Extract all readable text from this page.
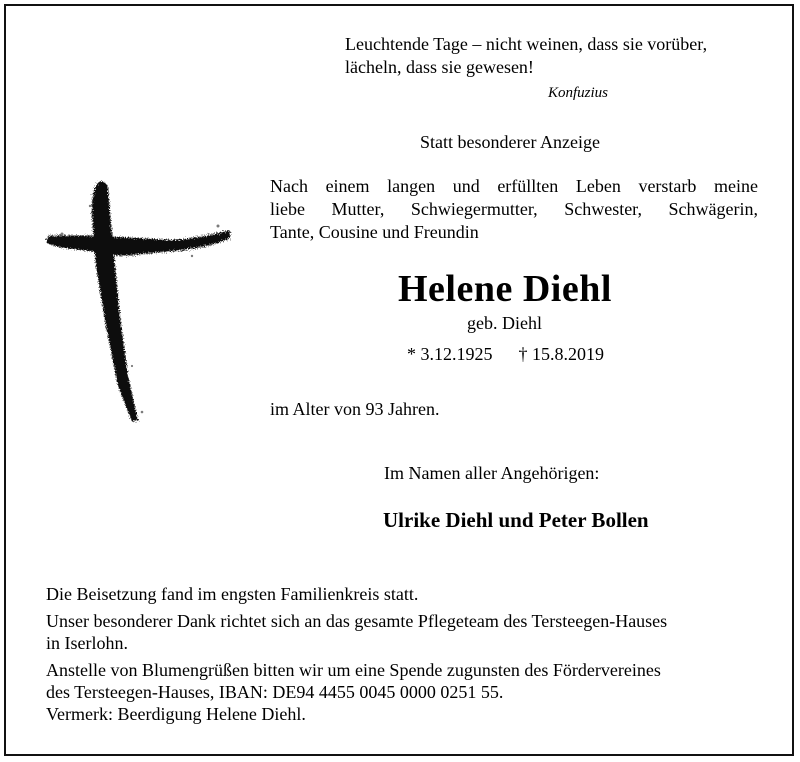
Leuchtende Tage – nicht weinen, dass sie vorüber,
lächeln, dass sie gewesen!
Konfuzius
Statt besonderer Anzeige
Nach einem langen und erfüllten Leben verstarb meine
liebe Mutter, Schwiegermutter, Schwester, Schwägerin,
Tante, Cousine und Freundin
Helene Diehl
geb. Diehl
* 3.12.1925 † 15.8.2019
im Alter von 93 Jahren.
Im Namen aller Angehörigen:
Ulrike Diehl und Peter Bollen

Die Beisetzung fand im engsten Familienkreis statt.

Unser besonderer Dank richtet sich an das gesamte Pflegeteam des Tersteegen-Hauses
in Iserlohn.

Anstelle von Blumengrüßen bitten wir um eine Spende zugunsten des Fördervereines
des Tersteegen-Hauses, IBAN: DE94 4455 0045 0000 0251 55.
Vermerk: Beerdigung Helene Diehl.
